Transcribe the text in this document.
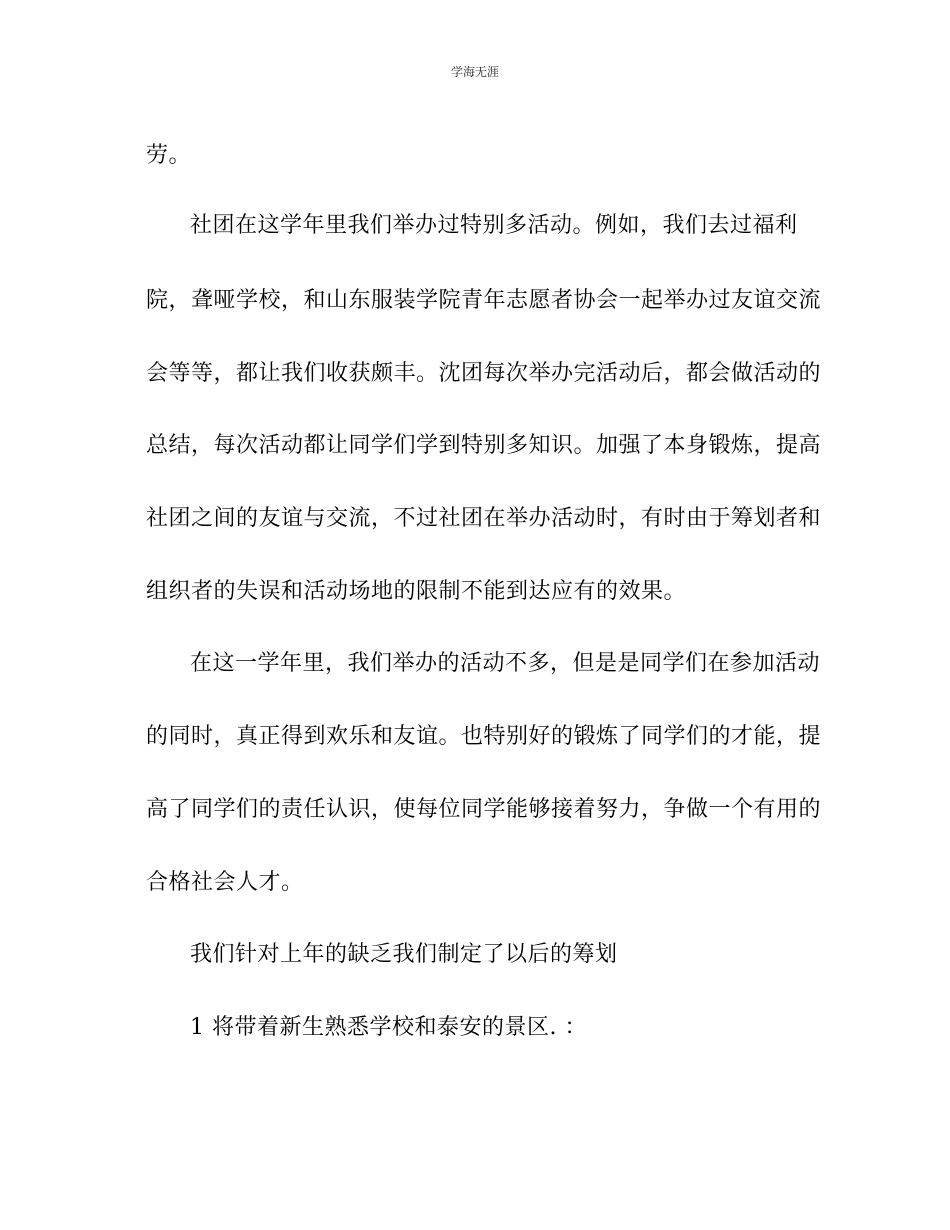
学海无涯
劳。
社团在这学年里我们举办过特别多活动。例如，我们去过福利
院，聋哑学校，和山东服装学院青年志愿者协会一起举办过友谊交流
会等等，都让我们收获颇丰。沈团每次举办完活动后，都会做活动的
总结，每次活动都让同学们学到特别多知识。加强了本身锻炼，提高
社团之间的友谊与交流，不过社团在举办活动时，有时由于筹划者和
组织者的失误和活动场地的限制不能到达应有的效果。
在这一学年里，我们举办的活动不多，但是是同学们在参加活动
的同时，真正得到欢乐和友谊。也特别好的锻炼了同学们的才能，提
高了同学们的责任认识，使每位同学能够接着努力，争做一个有用的
合格社会人才。
我们针对上年的缺乏我们制定了以后的筹划
1 将带着新生熟悉学校和泰安的景区. ：
